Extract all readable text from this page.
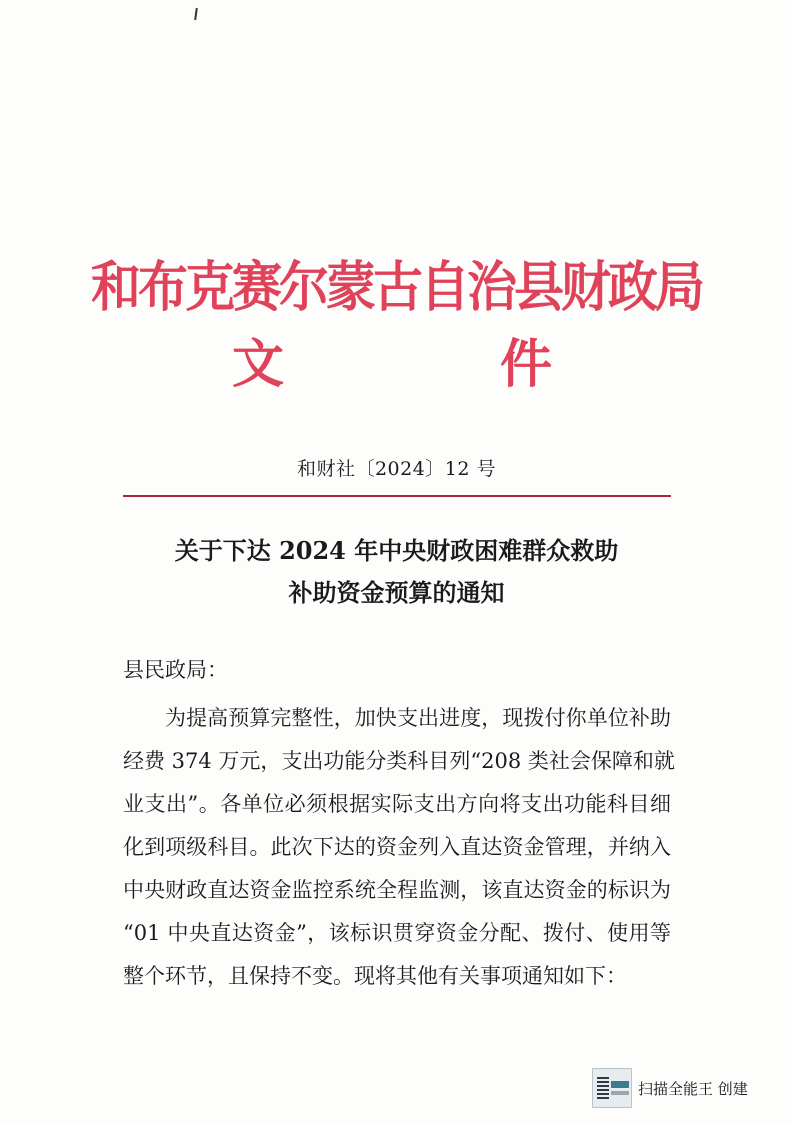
和布克赛尔蒙古自治县财政局
文	件
和财社〔2024〕12 号
关于下达 2024 年中央财政困难群众救助
补助资金预算的通知
县民政局：
为提高预算完整性，加快支出进度，现拨付你单位补助
经费 374 万元，支出功能分类科目列“208 类社会保障和就
业支出”。各单位必须根据实际支出方向将支出功能科目细
化到项级科目。此次下达的资金列入直达资金管理，并纳入
中央财政直达资金监控系统全程监测，该直达资金的标识为
“01 中央直达资金”，该标识贯穿资金分配、拨付、使用等
整个环节，且保持不变。现将其他有关事项通知如下：
扫描全能王 创建
